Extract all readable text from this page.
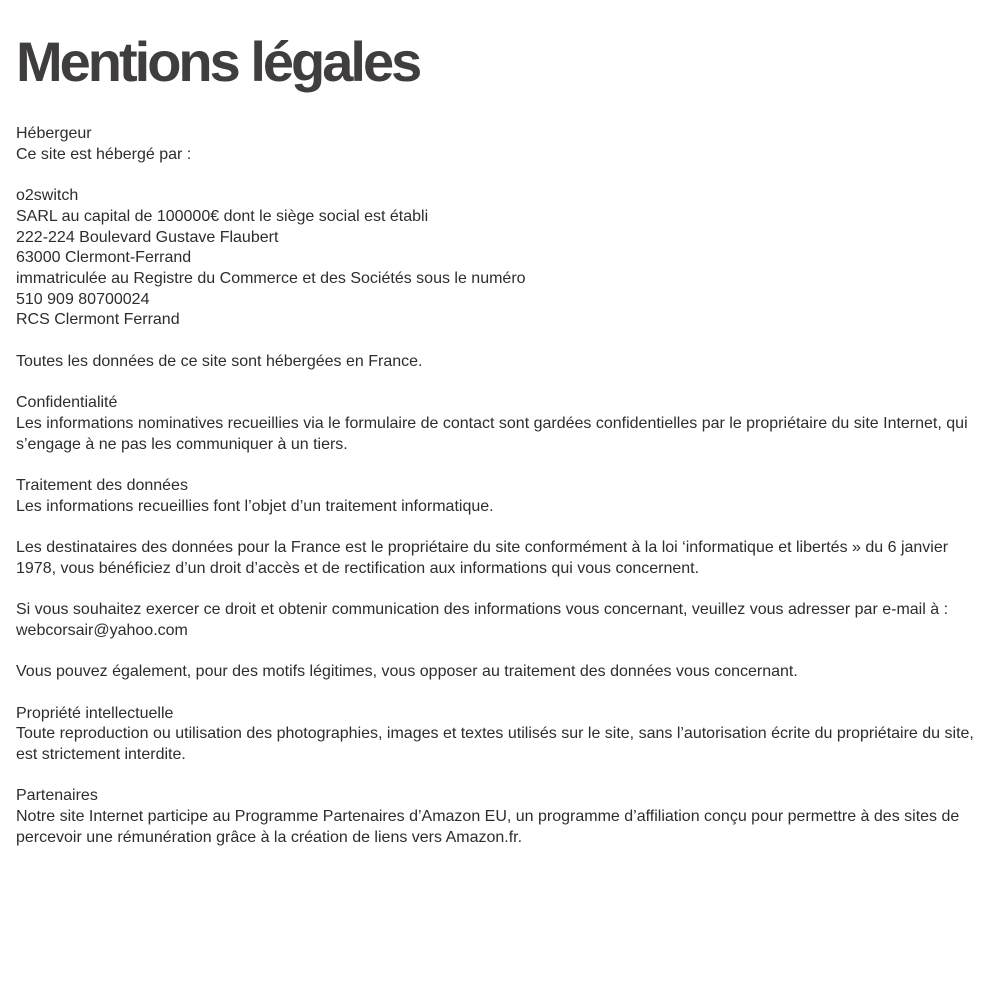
Mentions légales
Hébergeur
Ce site est hébergé par :
o2switch
SARL au capital de 100000€ dont le siège social est établi
222-224 Boulevard Gustave Flaubert
63000 Clermont-Ferrand
immatriculée au Registre du Commerce et des Sociétés sous le numéro
510 909 80700024
RCS Clermont Ferrand
Toutes les données de ce site sont hébergées en France.
Confidentialité
Les informations nominatives recueillies via le formulaire de contact sont gardées confidentielles par le propriétaire du site Internet, qui s’engage à ne pas les communiquer à un tiers.
Traitement des données
Les informations recueillies font l’objet d’un traitement informatique.
Les destinataires des données pour la France est le propriétaire du site conformément à la loi ‘informatique et libertés » du 6 janvier 1978, vous bénéficiez d’un droit d’accès et de rectification aux informations qui vous concernent.
Si vous souhaitez exercer ce droit et obtenir communication des informations vous concernant, veuillez vous adresser par e-mail à : webcorsair@yahoo.com
Vous pouvez également, pour des motifs légitimes, vous opposer au traitement des données vous concernant.
Propriété intellectuelle
Toute reproduction ou utilisation des photographies, images et textes utilisés sur le site, sans l’autorisation écrite du propriétaire du site, est strictement interdite.
Partenaires
Notre site Internet participe au Programme Partenaires d’Amazon EU, un programme d’affiliation conçu pour permettre à des sites de percevoir une rémunération grâce à la création de liens vers Amazon.fr.
